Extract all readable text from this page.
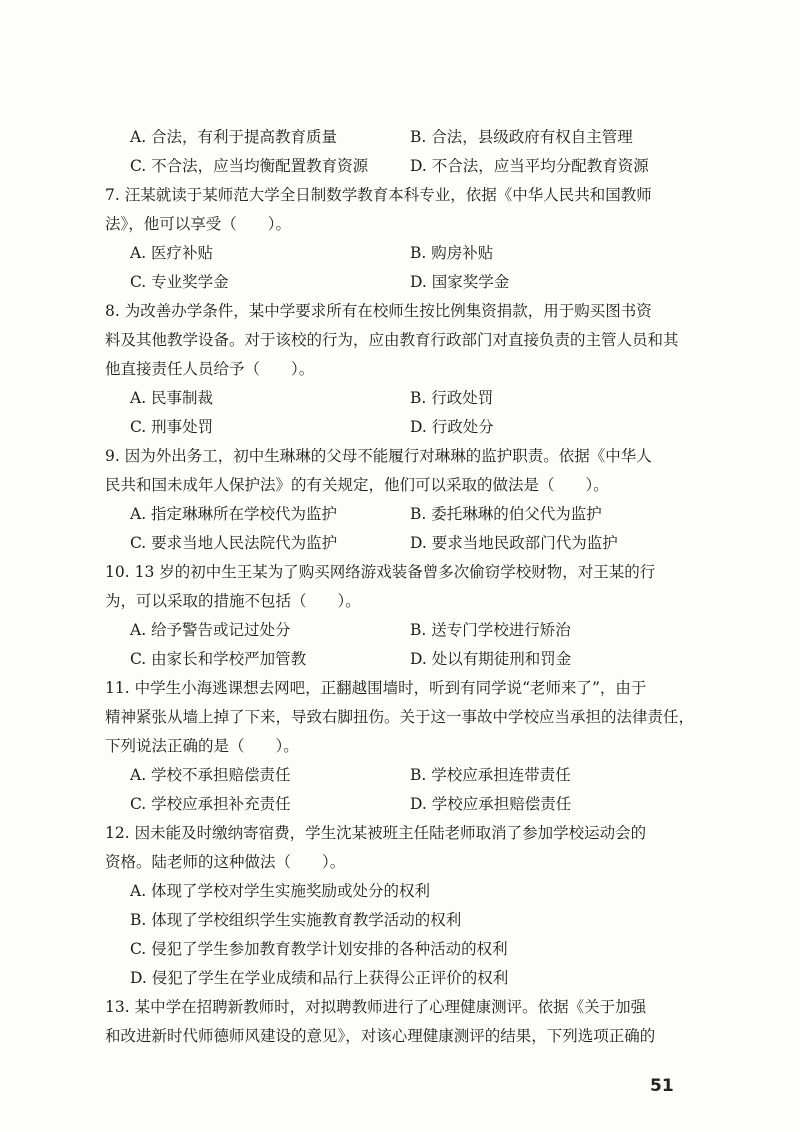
A. 合法，有利于提高教育质量	B. 合法，县级政府有权自主管理
C. 不合法，应当均衡配置教育资源	D. 不合法，应当平均分配教育资源
7. 汪某就读于某师范大学全日制数学教育本科专业，依据《中华人民共和国教师
法》，他可以享受（　　）。
A. 医疗补贴	B. 购房补贴
C. 专业奖学金	D. 国家奖学金
8. 为改善办学条件，某中学要求所有在校师生按比例集资捐款，用于购买图书资
料及其他教学设备。对于该校的行为，应由教育行政部门对直接负责的主管人员和其
他直接责任人员给予（　　）。
A. 民事制裁	B. 行政处罚
C. 刑事处罚	D. 行政处分
9. 因为外出务工，初中生琳琳的父母不能履行对琳琳的监护职责。依据《中华人
民共和国未成年人保护法》的有关规定，他们可以采取的做法是（　　）。
A. 指定琳琳所在学校代为监护	B. 委托琳琳的伯父代为监护
C. 要求当地人民法院代为监护	D. 要求当地民政部门代为监护
10. 13 岁的初中生王某为了购买网络游戏装备曾多次偷窃学校财物，对王某的行
为，可以采取的措施不包括（　　）。
A. 给予警告或记过处分	B. 送专门学校进行矫治
C. 由家长和学校严加管教	D. 处以有期徒刑和罚金
11. 中学生小海逃课想去网吧，正翻越围墙时，听到有同学说“老师来了”，由于
精神紧张从墙上掉了下来，导致右脚扭伤。关于这一事故中学校应当承担的法律责任，
下列说法正确的是（　　）。
A. 学校不承担赔偿责任	B. 学校应承担连带责任
C. 学校应承担补充责任	D. 学校应承担赔偿责任
12. 因未能及时缴纳寄宿费，学生沈某被班主任陆老师取消了参加学校运动会的
资格。陆老师的这种做法（　　）。
A. 体现了学校对学生实施奖励或处分的权利
B. 体现了学校组织学生实施教育教学活动的权利
C. 侵犯了学生参加教育教学计划安排的各种活动的权利
D. 侵犯了学生在学业成绩和品行上获得公正评价的权利
13. 某中学在招聘新教师时，对拟聘教师进行了心理健康测评。依据《关于加强
和改进新时代师德师风建设的意见》，对该心理健康测评的结果，下列选项正确的
51
